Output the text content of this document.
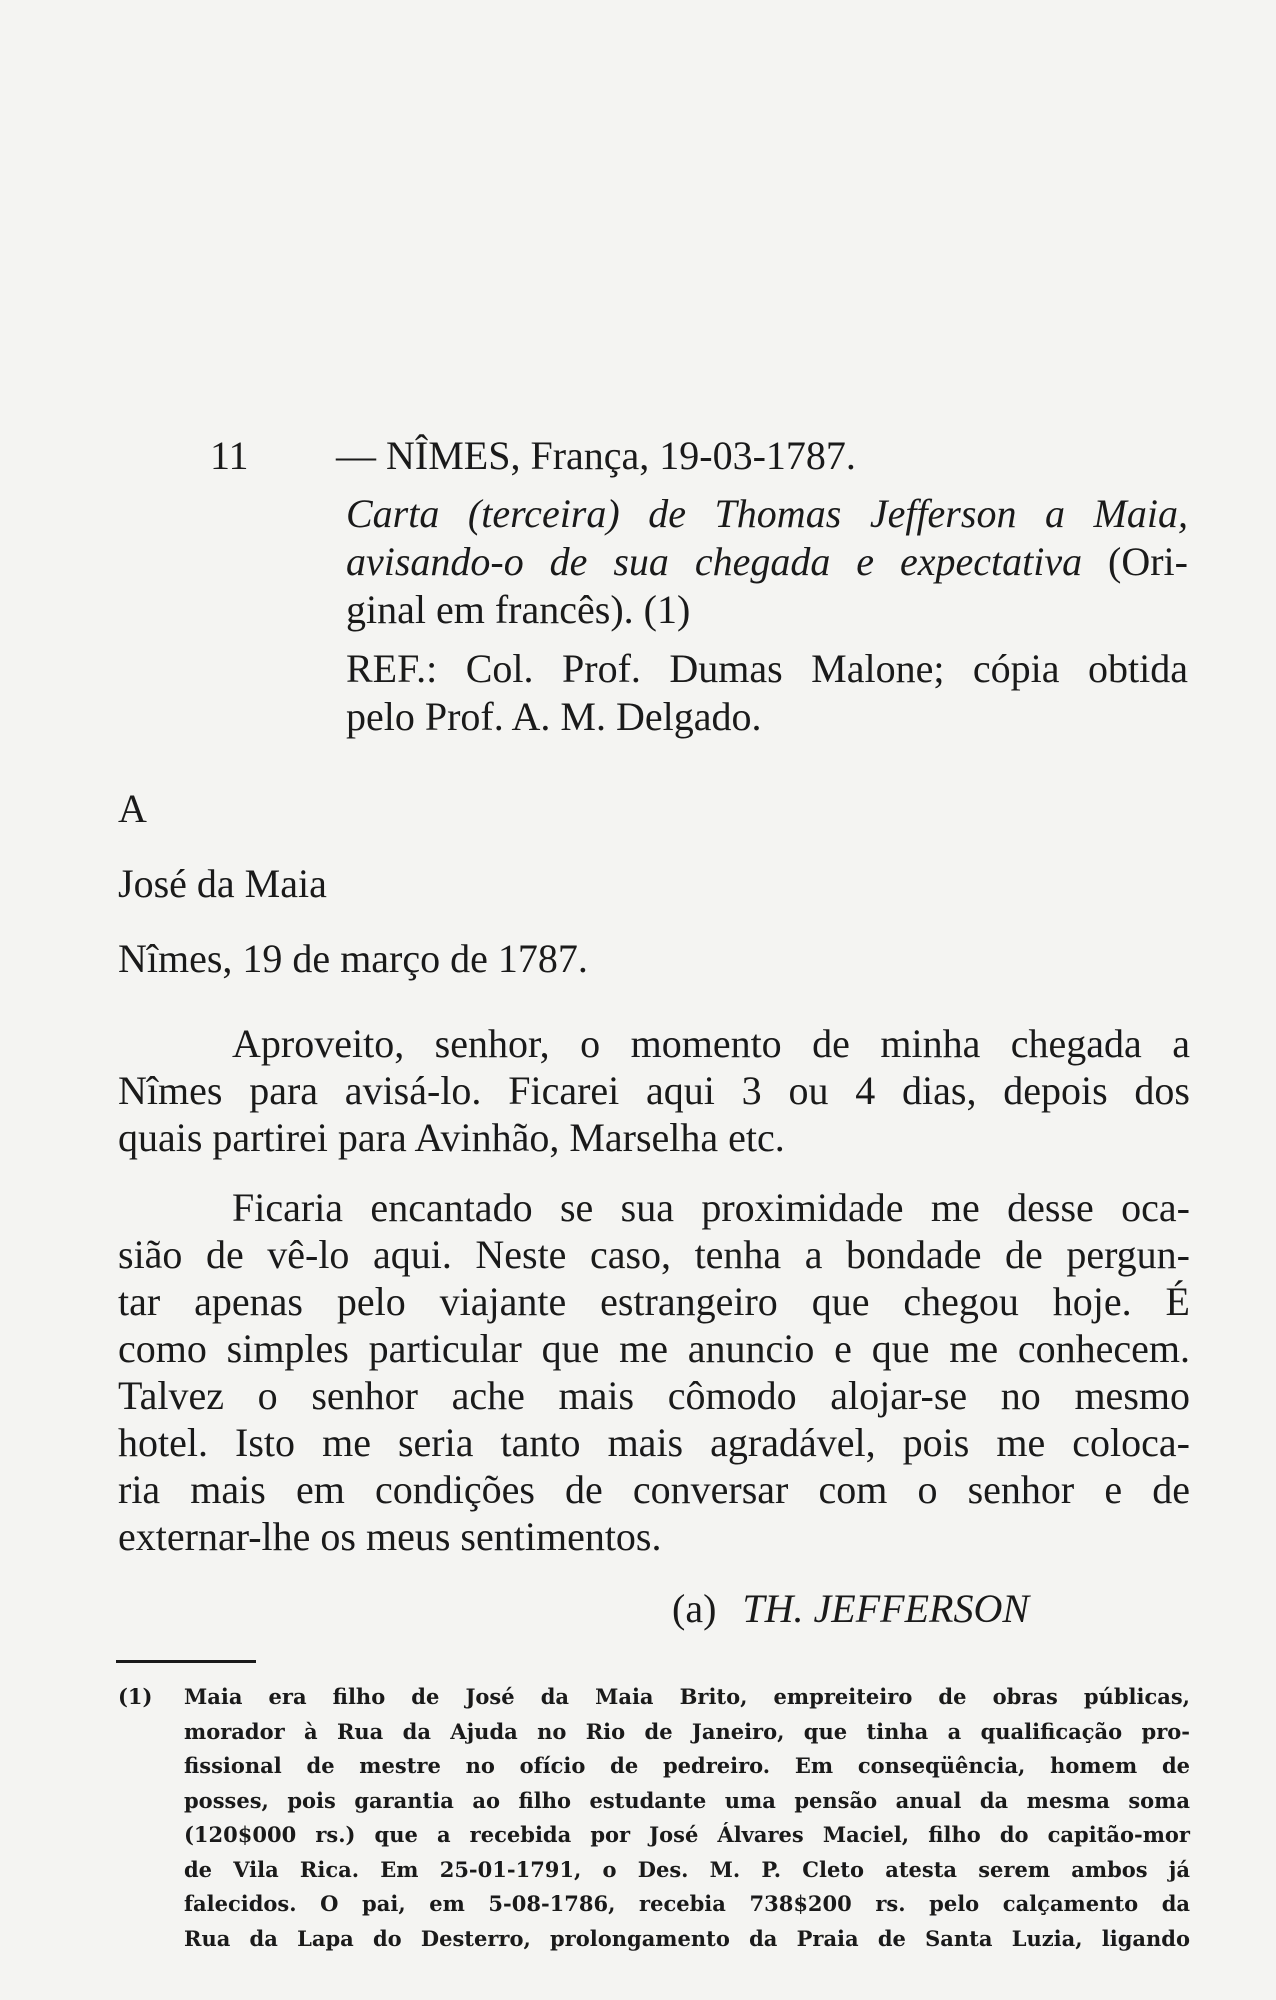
11 — NÎMES, França, 19-03-1787.
Carta (terceira) de Thomas Jefferson a Maia,
avisando-o de sua chegada e expectativa (Ori-
ginal em francês). (1)
REF.: Col. Prof. Dumas Malone; cópia obtida
pelo Prof. A. M. Delgado.
A
José da Maia
Nîmes, 19 de março de 1787.
Aproveito, senhor, o momento de minha chegada a
Nîmes para avisá-lo. Ficarei aqui 3 ou 4 dias, depois dos
quais partirei para Avinhão, Marselha etc.
Ficaria encantado se sua proximidade me desse oca-
sião de vê-lo aqui. Neste caso, tenha a bondade de pergun-
tar apenas pelo viajante estrangeiro que chegou hoje. É
como simples particular que me anuncio e que me conhecem.
Talvez o senhor ache mais cômodo alojar-se no mesmo
hotel. Isto me seria tanto mais agradável, pois me coloca-
ria mais em condições de conversar com o senhor e de
externar-lhe os meus sentimentos.
(a) TH. JEFFERSON
(1) Maia era filho de José da Maia Brito, empreiteiro de obras públicas,
morador à Rua da Ajuda no Rio de Janeiro, que tinha a qualificação pro-
fissional de mestre no ofício de pedreiro. Em conseqüência, homem de
posses, pois garantia ao filho estudante uma pensão anual da mesma soma
(120$000 rs.) que a recebida por José Álvares Maciel, filho do capitão-mor
de Vila Rica. Em 25-01-1791, o Des. M. P. Cleto atesta serem ambos já
falecidos. O pai, em 5-08-1786, recebia 738$200 rs. pelo calçamento da
Rua da Lapa do Desterro, prolongamento da Praia de Santa Luzia, ligando
